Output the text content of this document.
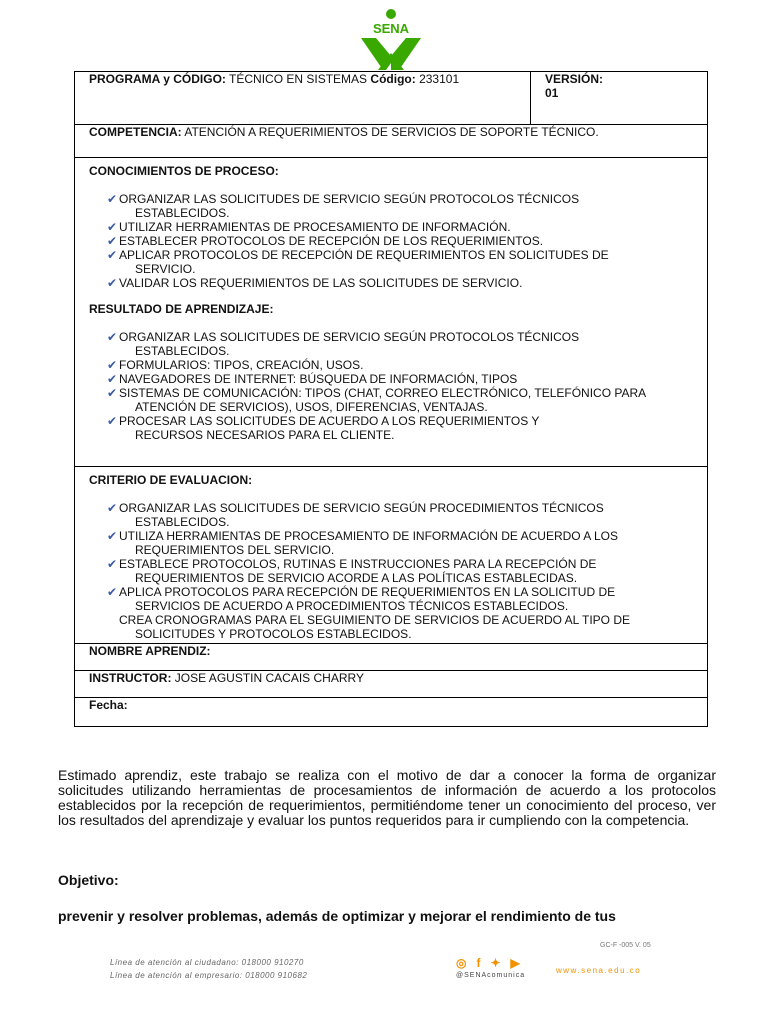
SENA
PROGRAMA y CÓDIGO: TÉCNICO EN SISTEMAS Código: 233101	VERSIÓN:
01

COMPETENCIA: ATENCIÓN A REQUERIMIENTOS DE SERVICIOS DE SOPORTE TÉCNICO.

CONOCIMIENTOS DE PROCESO:
✔ ORGANIZAR LAS SOLICITUDES DE SERVICIO SEGÚN PROTOCOLOS TÉCNICOS
ESTABLECIDOS.
✔ UTILIZAR HERRAMIENTAS DE PROCESAMIENTO DE INFORMACIÓN.
✔ ESTABLECER PROTOCOLOS DE RECEPCIÓN DE LOS REQUERIMIENTOS.
✔ APLICAR PROTOCOLOS DE RECEPCIÓN DE REQUERIMIENTOS EN SOLICITUDES DE
SERVICIO.
✔ VALIDAR LOS REQUERIMIENTOS DE LAS SOLICITUDES DE SERVICIO.
RESULTADO DE APRENDIZAJE:
✔ ORGANIZAR LAS SOLICITUDES DE SERVICIO SEGÚN PROTOCOLOS TÉCNICOS
ESTABLECIDOS.
✔ FORMULARIOS: TIPOS, CREACIÓN, USOS.
✔ NAVEGADORES DE INTERNET: BÚSQUEDA DE INFORMACIÓN, TIPOS
✔ SISTEMAS DE COMUNICACIÓN: TIPOS (CHAT, CORREO ELECTRÓNICO, TELEFÓNICO PARA
ATENCIÓN DE SERVICIOS), USOS, DIFERENCIAS, VENTAJAS.
✔ PROCESAR LAS SOLICITUDES DE ACUERDO A LOS REQUERIMIENTOS Y
RECURSOS NECESARIOS PARA EL CLIENTE.

CRITERIO DE EVALUACION:
✔ ORGANIZAR LAS SOLICITUDES DE SERVICIO SEGÚN PROCEDIMIENTOS TÉCNICOS
ESTABLECIDOS.
✔ UTILIZA HERRAMIENTAS DE PROCESAMIENTO DE INFORMACIÓN DE ACUERDO A LOS
REQUERIMIENTOS DEL SERVICIO.
✔ ESTABLECE PROTOCOLOS, RUTINAS E INSTRUCCIONES PARA LA RECEPCIÓN DE
REQUERIMIENTOS DE SERVICIO ACORDE A LAS POLÍTICAS ESTABLECIDAS.
✔ APLICA PROTOCOLOS PARA RECEPCIÓN DE REQUERIMIENTOS EN LA SOLICITUD DE
SERVICIOS DE ACUERDO A PROCEDIMIENTOS TÉCNICOS ESTABLECIDOS.
CREA CRONOGRAMAS PARA EL SEGUIMIENTO DE SERVICIOS DE ACUERDO AL TIPO DE
SOLICITUDES Y PROTOCOLOS ESTABLECIDOS.

NOMBRE APRENDIZ:
INSTRUCTOR: JOSE AGUSTIN CACAIS CHARRY
Fecha:
Estimado aprendiz, este trabajo se realiza con el motivo de dar a conocer la forma de organizar solicitudes utilizando herramientas de procesamientos de información de acuerdo a los protocolos establecidos por la recepción de requerimientos, permitiéndome tener un conocimiento del proceso, ver los resultados del aprendizaje y evaluar los puntos requeridos para ir cumpliendo con la competencia.
Objetivo:
prevenir y resolver problemas, además de optimizar y mejorar el rendimiento de tus
GC-F -005 V. 05
Línea de atención al ciudadano: 018000 910270
Línea de atención al empresario: 018000 910682
◎ f ✦ ▶
@SENAcomunica
www.sena.edu.co
